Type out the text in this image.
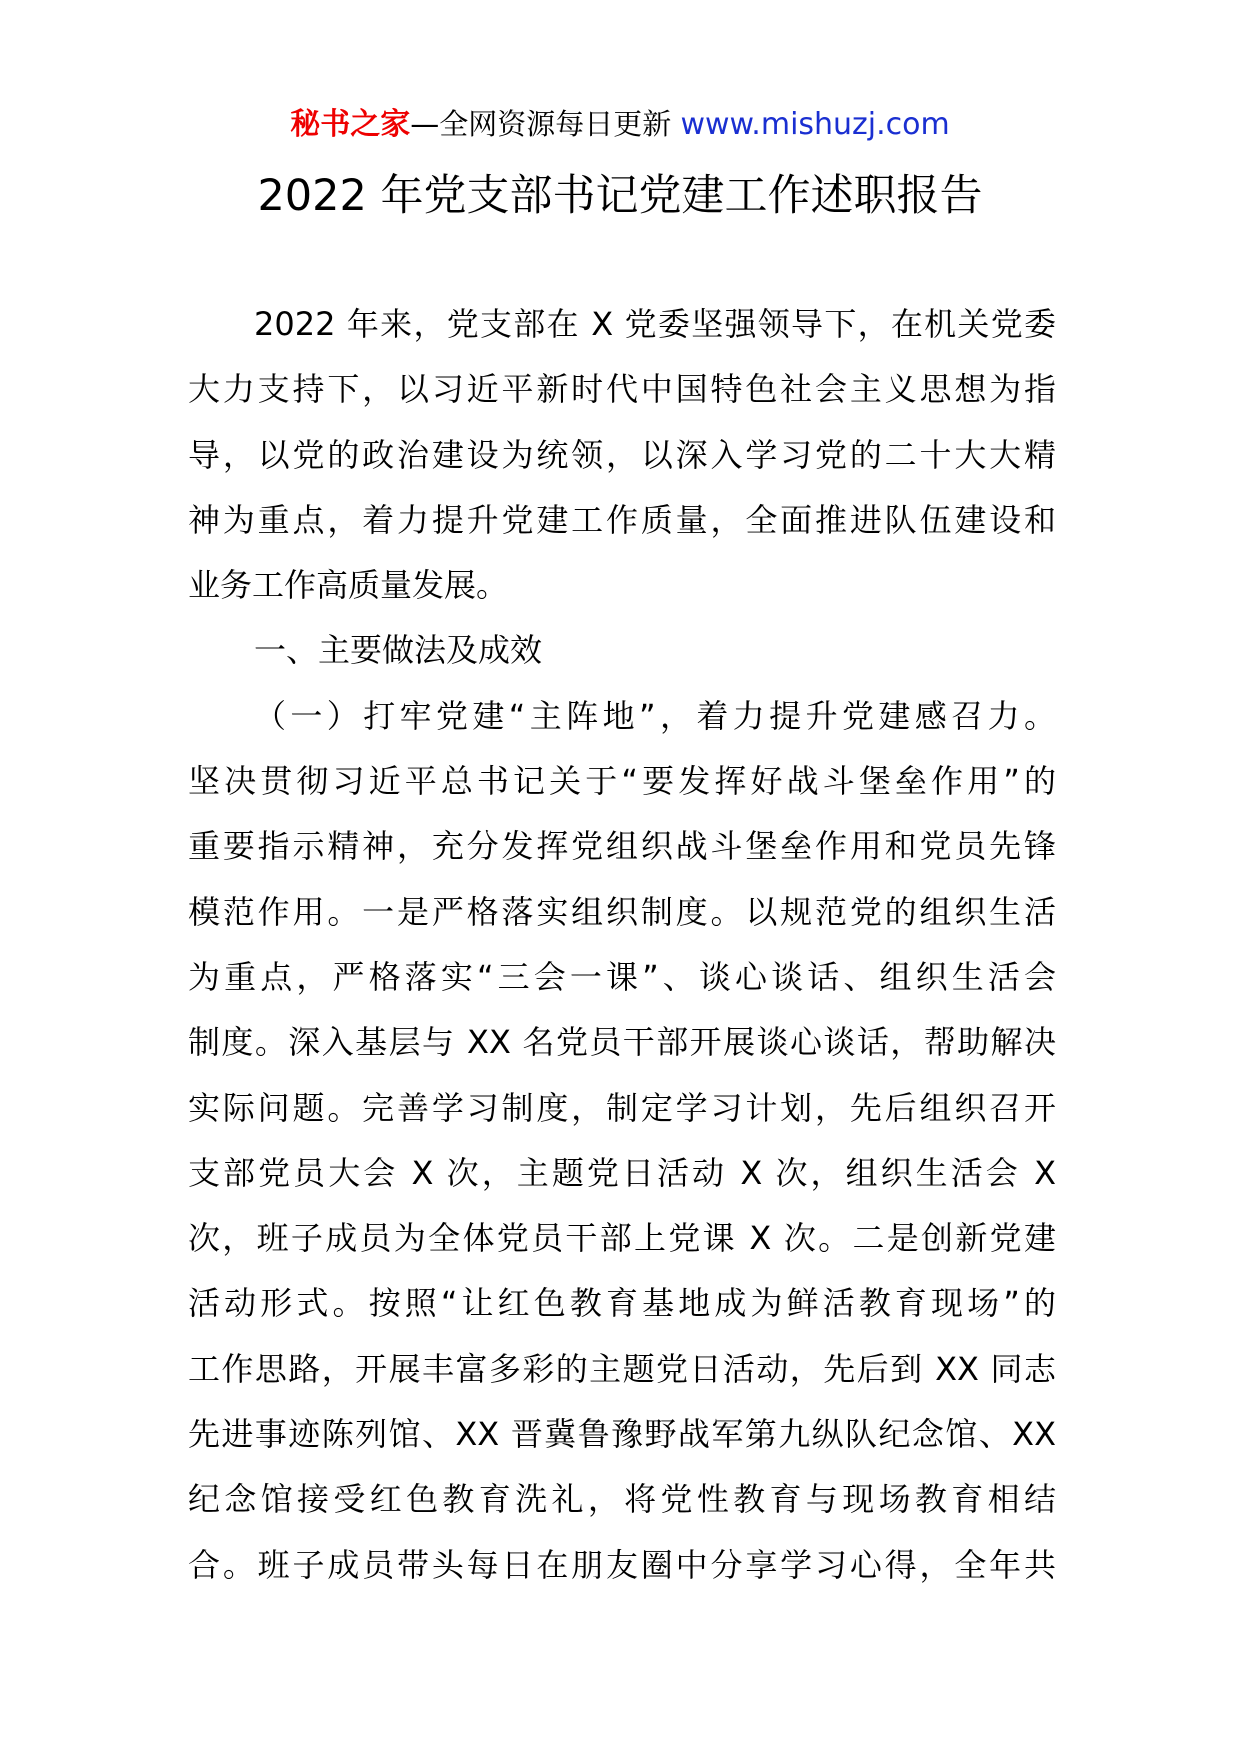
秘书之家—全网资源每日更新 www.mishuzj.com
2022 年党支部书记党建工作述职报告
2022 年来，党支部在 X 党委坚强领导下，在机关党委
大力支持下，以习近平新时代中国特色社会主义思想为指
导，以党的政治建设为统领，以深入学习党的二十大大精
神为重点，着力提升党建工作质量，全面推进队伍建设和
业务工作高质量发展。
一、主要做法及成效
（一）打牢党建“主阵地”，着力提升党建感召力。
坚决贯彻习近平总书记关于“要发挥好战斗堡垒作用”的
重要指示精神，充分发挥党组织战斗堡垒作用和党员先锋
模范作用。一是严格落实组织制度。以规范党的组织生活
为重点，严格落实“三会一课”、谈心谈话、组织生活会
制度。深入基层与 XX 名党员干部开展谈心谈话，帮助解决
实际问题。完善学习制度，制定学习计划，先后组织召开
支部党员大会 X 次，主题党日活动 X 次，组织生活会 X
次，班子成员为全体党员干部上党课 X 次。二是创新党建
活动形式。按照“让红色教育基地成为鲜活教育现场”的
工作思路，开展丰富多彩的主题党日活动，先后到 XX 同志
先进事迹陈列馆、XX 晋冀鲁豫野战军第九纵队纪念馆、XX
纪念馆接受红色教育洗礼，将党性教育与现场教育相结
合。班子成员带头每日在朋友圈中分享学习心得，全年共
